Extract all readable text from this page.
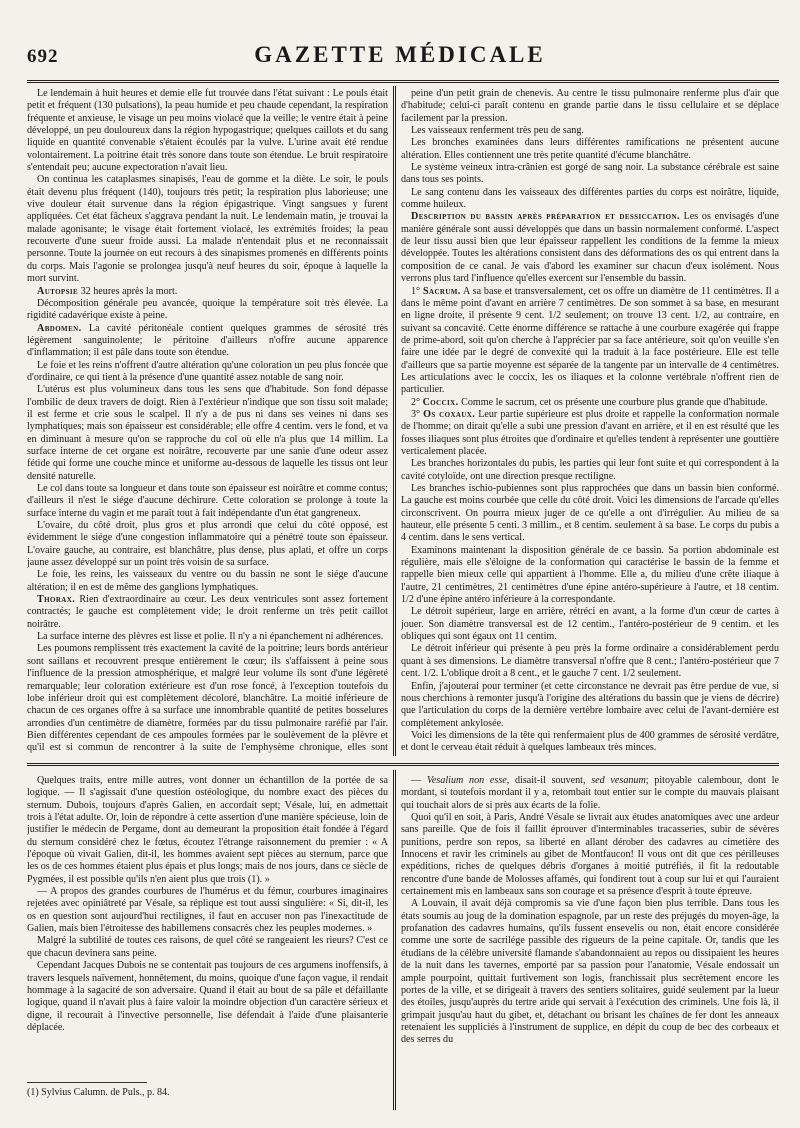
692	GAZETTE MÉDICALE

Le lendemain à huit heures et demie elle fut trouvée dans l'état suivant : Le pouls était petit et fréquent (130 pulsations), la peau humide et peu chaude cependant, la respiration fréquente et anxieuse, le visage un peu moins violacé que la veille; le ventre était à peine développé, un peu douloureux dans la région hypogastrique; quelques caillots et du sang liquide en quantité convenable s'étaient écoulés par la vulve. L'urine avait été rendue volontairement. La poitrine était très sonore dans toute son étendue. Le bruit respiratoire s'entendait peu; aucune expectoration n'avait lieu.

On continua les cataplasmes sinapisés, l'eau de gomme et la diète. Le soir, le pouls était devenu plus fréquent (140), toujours très petit; la respiration plus laborieuse; une vive douleur était survenue dans la région épigastrique. Vingt sangsues y furent appliquées. Cet état fâcheux s'aggrava pendant la nuit. Le lendemain matin, je trouvai la malade agonisante; le visage était fortement violacé, les extrémités froides; la peau recouverte d'une sueur froide aussi. La malade n'entendait plus et ne reconnaissait personne. Toute la journée on eut recours à des sinapismes promenés en différents points du corps. Mais l'agonie se prolongea jusqu'à neuf heures du soir, époque à laquelle la mort survint.

Autopsie 32 heures après la mort.

Décomposition générale peu avancée, quoique la température soit très élevée. La rigidité cadavérique existe à peine.

Abdomen. La cavité péritonéale contient quelques grammes de sérosité très légèrement sanguinolente; le péritoine d'ailleurs n'offre aucune apparence d'inflammation; il est pâle dans toute son étendue.

Le foie et les reins n'offrent d'autre altération qu'une coloration un peu plus foncée que d'ordinaire, ce qui tient à la présence d'une quantité assez notable de sang noir.

L'utérus est plus volumineux dans tous les sens que d'habitude. Son fond dépasse l'ombilic de deux travers de doigt. Rien à l'extérieur n'indique que son tissu soit malade; il est ferme et crie sous le scalpel. Il n'y a de pus ni dans ses veines ni dans ses lymphatiques; mais son épaisseur est considérable; elle offre 4 centim. vers le fond, et va en diminuant à mesure qu'on se rapproche du col où elle n'a plus que 14 millim. La surface interne de cet organe est noirâtre, recouverte par une sanie d'une odeur assez fétide qui forme une couche mince et uniforme au-dessous de laquelle les tissus ont leur densité naturelle.

Le col dans toute sa longueur et dans toute son épaisseur est noirâtre et comme contus; d'ailleurs il n'est le siége d'aucune déchirure. Cette coloration se prolonge à toute la surface interne du vagin et me paraît tout à fait indépendante d'un état gangreneux.

L'ovaire, du côté droit, plus gros et plus arrondi que celui du côté opposé, est évidemment le siége d'une congestion inflammatoire qui a pénétré toute son épaisseur. L'ovaire gauche, au contraire, est blanchâtre, plus dense, plus aplati, et offre un corps jaune assez développé sur un point très voisin de sa surface.

Le foie, les reins, les vaisseaux du ventre ou du bassin ne sont le siége d'aucune altération; il en est de même des ganglions lymphatiques.

Thorax. Rien d'extraordinaire au cœur. Les deux ventricules sont assez fortement contractés; le gauche est complètement vide; le droit renferme un très petit caillot noirâtre.

La surface interne des plèvres est lisse et polie. Il n'y a ni épanchement ni adhérences.

Les poumons remplissent très exactement la cavité de la poitrine; leurs bords antérieur sont saillans et recouvrent presque entièrement le cœur; ils s'affaissent à peine sous l'influence de la pression atmosphérique, et malgré leur volume ils sont d'une légèreté remarquable; leur coloration extérieure est d'un rose foncé, à l'exception toutefois du lobe inférieur droit qui est complètement décoloré, blanchâtre. La moitié inférieure de chacun de ces organes offre à sa surface une innombrable quantité de petites bosselures arrondies d'un centimètre de diamètre, formées par du tissu pulmonaire raréfié par l'air. Bien différentes cependant de ces ampoules formées par le soulèvement de la plèvre et qu'il est si commun de rencontrer à la suite de l'emphysème chronique, elles sont

peine d'un petit grain de chenevis. Au centre le tissu pulmonaire renferme plus d'air que d'habitude; celui-ci paraît contenu en grande partie dans le tissu cellulaire et se déplace facilement par la pression.

Les vaisseaux renferment très peu de sang.

Les bronches examinées dans leurs différentes ramifications ne présentent aucune altération. Elles contiennent une très petite quantité d'écume blanchâtre.

Le système veineux intra-crânien est gorgé de sang noir. La substance cérébrale est saine dans tous ses points.

Le sang contenu dans les vaisseaux des différentes parties du corps est noirâtre, liquide, comme huileux.

Description du bassin après préparation et dessiccation. Les os envisagés d'une manière générale sont aussi développés que dans un bassin normalement conformé. L'aspect de leur tissu aussi bien que leur épaisseur rappellent les conditions de la femme la mieux développée. Toutes les altérations consistent dans des déformations des os qui entrent dans la composition de ce canal. Je vais d'abord les examiner sur chacun d'eux isolément. Nous verrons plus tard l'influence qu'elles exercent sur l'ensemble du bassin.

1° Sacrum. A sa base et transversalement, cet os offre un diamètre de 11 centimètres. Il a dans le même point d'avant en arrière 7 centimètres. De son sommet à sa base, en mesurant en ligne droite, il présente 9 cent. 1/2 seulement; on trouve 13 cent. 1/2, au contraire, en suivant sa concavité. Cette énorme différence se rattache à une courbure exagérée qui frappe de prime-abord, soit qu'on cherche à l'apprécier par sa face antérieure, soit qu'on veuille s'en faire une idée par le degré de convexité qui la traduit à la face postérieure. Elle est telle d'ailleurs que sa partie moyenne est séparée de la tangente par un intervalle de 4 centimètres. Les articulations avec le coccix, les os iliaques et la colonne vertébrale n'offrent rien de particulier.

2° Coccix. Comme le sacrum, cet os présente une courbure plus grande que d'habitude.

3° Os coxaux. Leur partie supérieure est plus droite et rappelle la conformation normale de l'homme; on dirait qu'elle a subi une pression d'avant en arrière, et il en est résulté que les fosses iliaques sont plus étroites que d'ordinaire et qu'elles tendent à représenter une gouttière verticalement placée.

Les branches horizontales du pubis, les parties qui leur font suite et qui correspondent à la cavité cotyloïde, ont une direction presque rectiligne.

Les branches ischio-pubiennes sont plus rapprochées que dans un bassin bien conformé. La gauche est moins courbée que celle du côté droit. Voici les dimensions de l'arcade qu'elles circonscrivent. On pourra mieux juger de ce qu'elle a ont d'irrégulier. Au milieu de sa hauteur, elle présente 5 centi. 3 millim., et 8 centim. seulement à sa base. Le corps du pubis a 4 centim. dans le sens vertical.

Examinons maintenant la disposition générale de ce bassin. Sa portion abdominale est régulière, mais elle s'éloigne de la conformation qui caractérise le bassin de la femme et rappelle bien mieux celle qui appartient à l'homme. Elle a, du milieu d'une crête iliaque à l'autre, 21 centimètres, 21 centimètres d'une épine antéro-supérieure à l'autre, et 18 centim. 1/2 d'une épine antéro inférieure à la correspondante.

Le détroit supérieur, large en arrière, rétréci en avant, a la forme d'un cœur de cartes à jouer. Son diamètre transversal est de 12 centim., l'antéro-postérieur de 9 centim. et les obliques qui sont égaux ont 11 centim.

Le détroit inférieur qui présente à peu près la forme ordinaire a considérablement perdu quant à ses dimensions. Le diamètre transversal n'offre que 8 cent.; l'antéro-postérieur que 7 cent. 1/2. L'oblique droit a 8 cent., et le gauche 7 cent. 1/2 seulement.

Enfin, j'ajouterai pour terminer (et cette circonstance ne devrait pas être perdue de vue, si nous cherchions à remonter jusqu'à l'origine des altérations du bassin que je viens de décrire) que l'articulation du corps de la dernière vertèbre lombaire avec celui de l'avant-dernière est complètement ankylosée.

Voici les dimensions de la tête qui renfermaient plus de 400 grammes de sérosité verdâtre, et dont le cerveau était réduit à quelques lambeaux très minces.

Quelques traits, entre mille autres, vont donner un échantillon de la portée de sa logique. — Il s'agissait d'une question ostéologique, du nombre exact des pièces du sternum. Dubois, toujours d'après Galien, en accordait sept; Vésale, lui, en admettait trois à l'état adulte. Or, loin de répondre à cette assertion d'une manière spécieuse, loin de justifier le médecin de Pergame, dont au demeurant la proposition était fondée à l'égard du sternum considéré chez le fœtus, écoutez l'étrange raisonnement du premier : « A l'époque où vivait Galien, dit-il, les hommes avaient sept pièces au sternum, parce que les os de ces hommes étaient plus épais et plus longs; mais de nos jours, dans ce siècle de Pygmées, il est possible qu'ils n'en aient plus que trois (1). »

— A propos des grandes courbures de l'humérus et du fémur, courbures imaginaires rejetées avec opiniâtreté par Vésale, sa réplique est tout aussi singulière: « Si, dit-il, les os en question sont aujourd'hui rectilignes, il faut en accuser non pas l'inexactitude de Galien, mais bien l'étroitesse des habillemens consacrés chez les peuples modernes. »

Malgré la subtilité de toutes ces raisons, de quel côté se rangeaient les rieurs? C'est ce que chacun devinera sans peine.

Cependant Jacques Dubois ne se contentait pas toujours de ces argumens inoffensifs, à travers lesquels naïvement, honnêtement, du moins, quoique d'une façon vague, il rendait hommage à la sagacité de son adversaire. Quand il était au bout de sa pâle et défaillante logique, quand il n'avait plus à faire valoir la moindre objection d'un caractère sérieux et digne, il recourait à l'invective personnelle, lise défendait à l'aide d'une plaisanterie déplacée.

— Vesalium non esse, disait-il souvent, sed vesanum; pitoyable calembour, dont le mordant, si toutefois mordant il y a, retombait tout entier sur le compte du mauvais plaisant qui touchait alors de si près aux écarts de la folie.

Quoi qu'il en soit, à Paris, André Vésale se livrait aux études anatomiques avec une ardeur sans pareille. Que de fois il faillit éprouver d'interminables tracasseries, subir de sévères punitions, perdre son repos, sa liberté en allant dérober des cadavres au cimetière des Innocens et ravir les criminels au gibet de Montfaucon! Il vous ont dit que ces périlleuses expéditions, riches de quelques débris d'organes à moitié putréfiés, il fit la redoutable rencontre d'une bande de Molosses affamés, qui fondirent tout à coup sur lui et qui l'auraient certainement mis en lambeaux sans son courage et sa présence d'esprit à toute épreuve.

A Louvain, il avait déjà compromis sa vie d'une façon bien plus terrible. Dans tous les états soumis au joug de la domination espagnole, par un reste des préjugés du moyen-âge, la profanation des cadavres humains, qu'ils fussent ensevelis ou non, était encore considérée comme une sorte de sacrilége passible des rigueurs de la peine capitale. Or, tandis que les étudians de la célèbre université flamande s'abandonnaient au repos ou dissipaient les heures de la nuit dans les tavernes, emporté par sa passion pour l'anatomie, Vésale endossait un ample pourpoint, quittait furtivement son logis, franchissait plus secrètement encore les portes de la ville, et se dirigeait à travers des sentiers solitaires, guidé seulement par la lueur des étoiles, jusqu'auprès du tertre aride qui servait à l'exécution des criminels. Une fois là, il grimpait jusqu'au haut du gibet, et, détachant ou brisant les chaînes de fer dont les anneaux retenaient les suppliciés à l'instrument de supplice, en dépit du coup de bec des corbeaux et des serres du

(1) Sylvius Calumn. de Puls., p. 84.
